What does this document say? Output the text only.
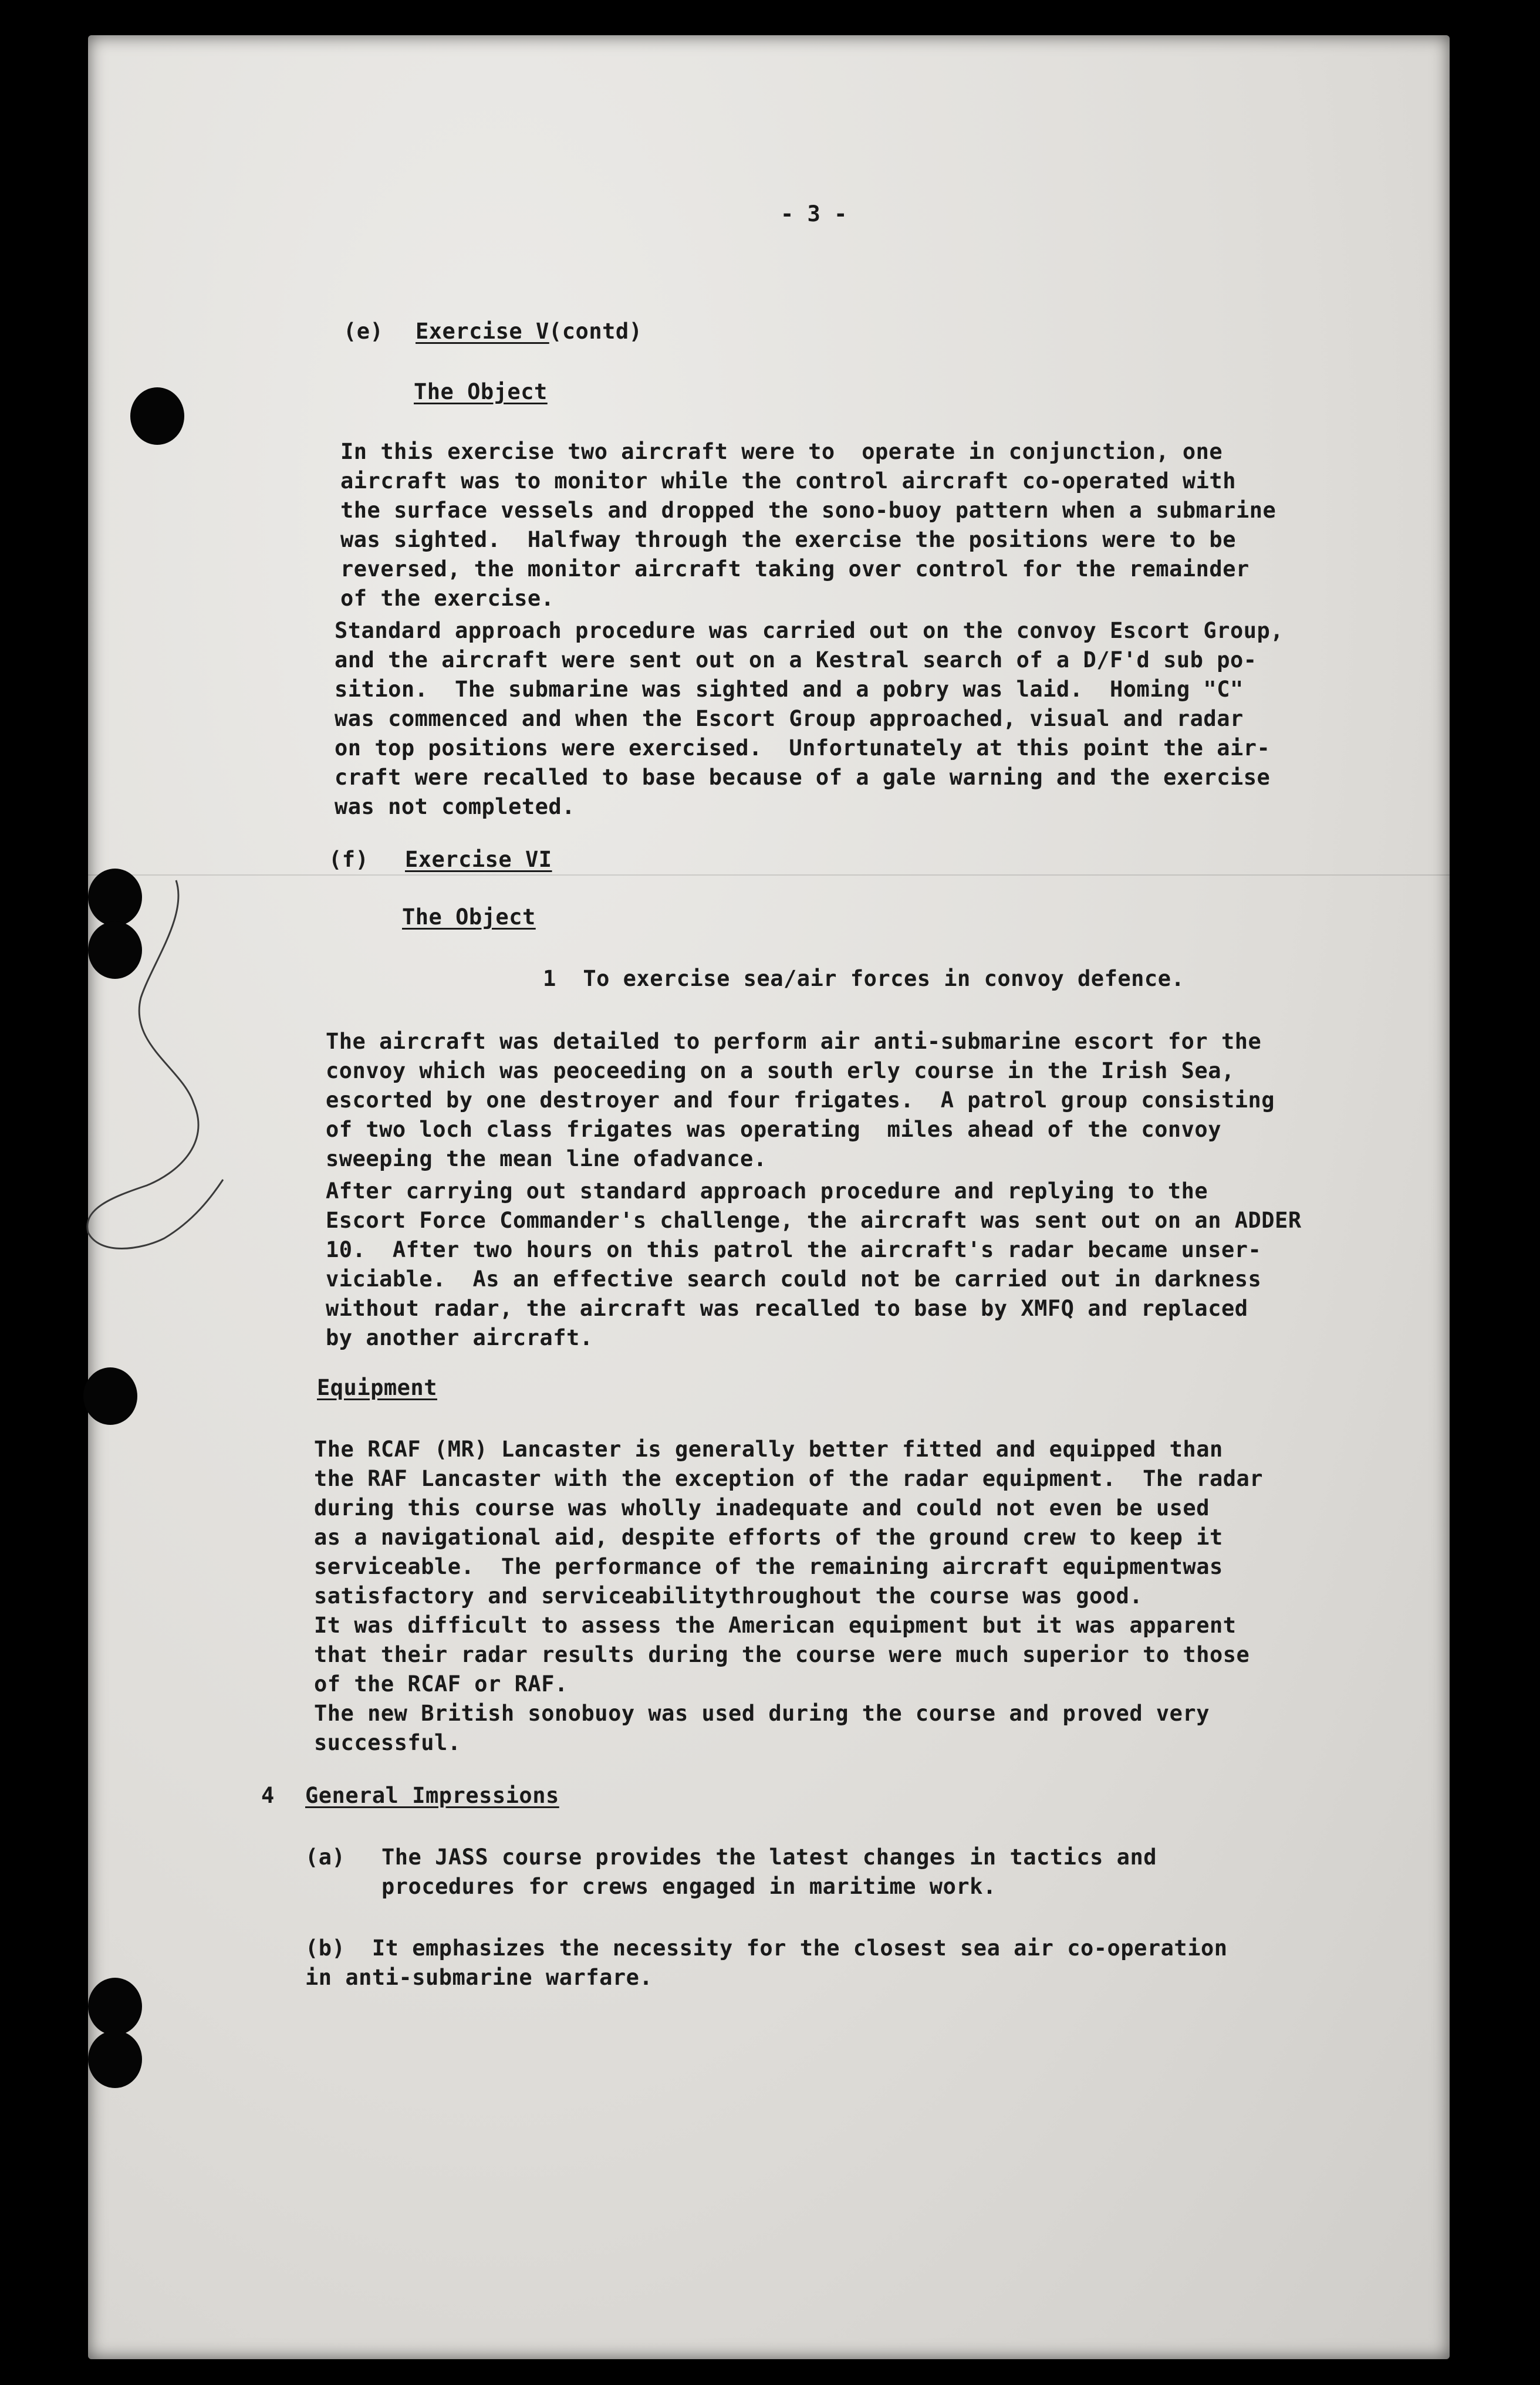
- 3 -
(e) Exercise V (contd)
The Object
In this exercise two aircraft were to  operate in conjunction, one
aircraft was to monitor while the control aircraft co-operated with
the surface vessels and dropped the sono-buoy pattern when a submarine
was sighted.  Halfway through the exercise the positions were to be
reversed, the monitor aircraft taking over control for the remainder
of the exercise.
Standard approach procedure was carried out on the convoy Escort Group,
and the aircraft were sent out on a Kestral search of a D/F'd sub po-
sition.  The submarine was sighted and a pobry was laid.  Homing "C"
was commenced and when the Escort Group approached, visual and radar
on top positions were exercised.  Unfortunately at this point the air-
craft were recalled to base because of a gale warning and the exercise
was not completed.
(f) Exercise VI
The Object
1  To exercise sea/air forces in convoy defence.
The aircraft was detailed to perform air anti-submarine escort for the
convoy which was peoceeding on a south erly course in the Irish Sea,
escorted by one destroyer and four frigates.  A patrol group consisting
of two loch class frigates was operating  miles ahead of the convoy
sweeping the mean line ofadvance.
After carrying out standard approach procedure and replying to the
Escort Force Commander's challenge, the aircraft was sent out on an ADDER
10.  After two hours on this patrol the aircraft's radar became unser-
viciable.  As an effective search could not be carried out in darkness
without radar, the aircraft was recalled to base by XMFQ and replaced
by another aircraft.
Equipment
The RCAF (MR) Lancaster is generally better fitted and equipped than
the RAF Lancaster with the exception of the radar equipment.  The radar
during this course was wholly inadequate and could not even be used
as a navigational aid, despite efforts of the ground crew to keep it
serviceable.  The performance of the remaining aircraft equipmentwas
satisfactory and serviceabilitythroughout the course was good.
It was difficult to assess the American equipment but it was apparent
that their radar results during the course were much superior to those
of the RCAF or RAF.
The new British sonobuoy was used during the course and proved very
successful.
4 General Impressions
(a) The JASS course provides the latest changes in tactics and
procedures for crews engaged in maritime work.
(b)  It emphasizes the necessity for the closest sea air co-operation
in anti-submarine warfare.
